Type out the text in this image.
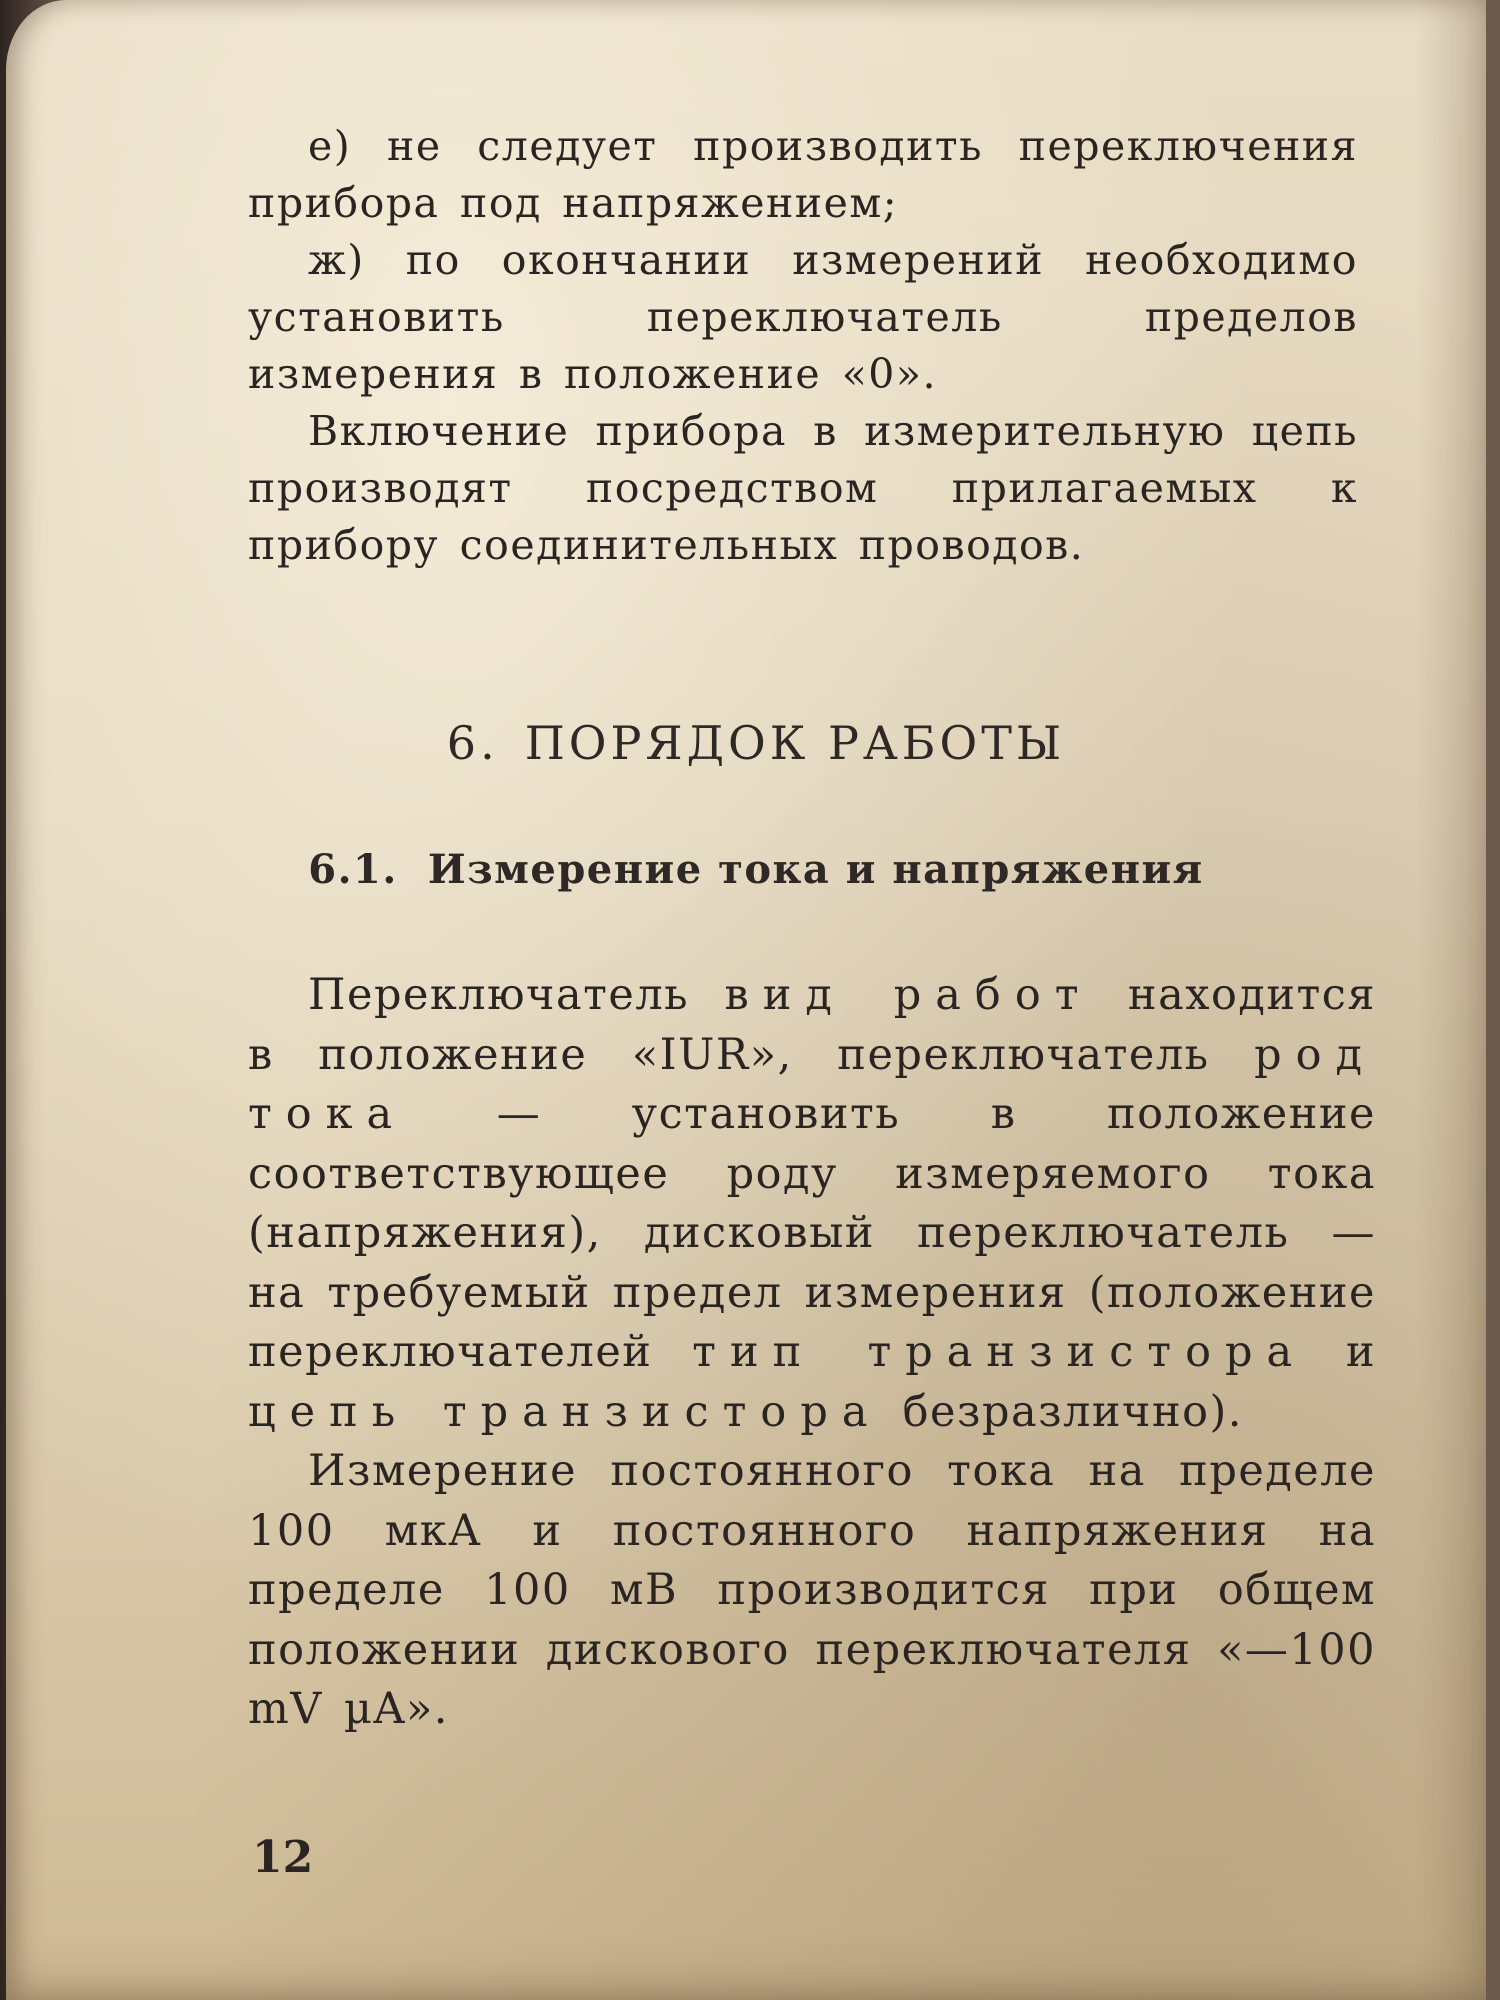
е) не следует производить переключения прибора под напряжением;

ж) по окончании измерений необходимо установить переключатель пределов измерения в положение «0».

Включение прибора в измерительную цепь производят посредством прилагаемых к прибору соединительных проводов.

6. ПОРЯДОК РАБОТЫ
6.1. Измерение тока и напряжения

Переключатель вид работ находится в положение «IUR», переключатель род тока — установить в положение соответствующее роду измеряемого тока (напряжения), дисковый переключатель — на требуемый предел измерения (положение переключателей тип транзистора и цепь транзистора безразлично).

Измерение постоянного тока на пределе 100 мкА и постоянного напряжения на пределе 100 мВ производится при общем положении дискового переключателя «—100 mV µA».

12
